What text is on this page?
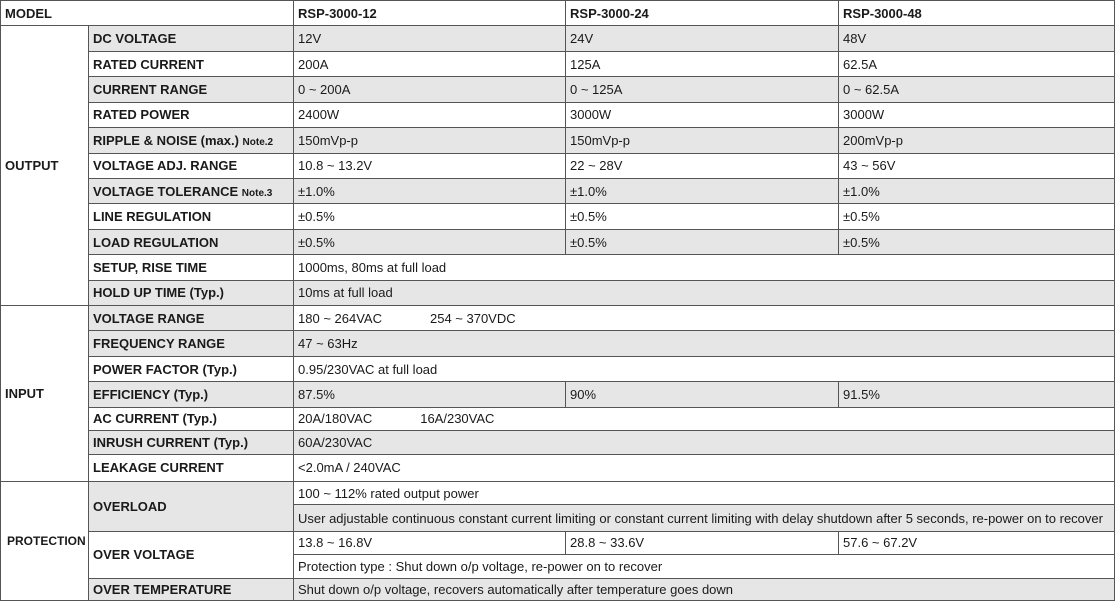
MODEL		RSP-3000-12	RSP-3000-24	RSP-3000-48
OUTPUT	DC VOLTAGE	12V	24V	48V
	RATED CURRENT	200A	125A	62.5A
	CURRENT RANGE	0 ~ 200A	0 ~ 125A	0 ~ 62.5A
	RATED POWER	2400W	3000W	3000W
	RIPPLE & NOISE (max.) Note.2	150mVp-p	150mVp-p	200mVp-p
	VOLTAGE ADJ. RANGE	10.8 ~ 13.2V	22 ~ 28V	43 ~ 56V
	VOLTAGE TOLERANCE Note.3	±1.0%	±1.0%	±1.0%
	LINE REGULATION	±0.5%	±0.5%	±0.5%
	LOAD REGULATION	±0.5%	±0.5%	±0.5%
	SETUP, RISE TIME	1000ms, 80ms at full load		
	HOLD UP TIME (Typ.)	10ms at full load		
INPUT	VOLTAGE RANGE	180 ~ 264VAC 254 ~ 370VDC		
	FREQUENCY RANGE	47 ~ 63Hz		
	POWER FACTOR (Typ.)	0.95/230VAC at full load		
	EFFICIENCY (Typ.)	87.5%	90%	91.5%
	AC CURRENT (Typ.)	20A/180VAC 16A/230VAC		
	INRUSH CURRENT (Typ.)	60A/230VAC		
	LEAKAGE CURRENT	<2.0mA / 240VAC		
PROTECTION	OVERLOAD	100 ~ 112% rated output power		
		User adjustable continuous constant current limiting or constant current limiting with delay shutdown after 5 seconds, re-power on to recover		
	OVER VOLTAGE	13.8 ~ 16.8V	28.8 ~ 33.6V	57.6 ~ 67.2V
		Protection type : Shut down o/p voltage, re-power on to recover		
	OVER TEMPERATURE	Shut down o/p voltage, recovers automatically after temperature goes down		
